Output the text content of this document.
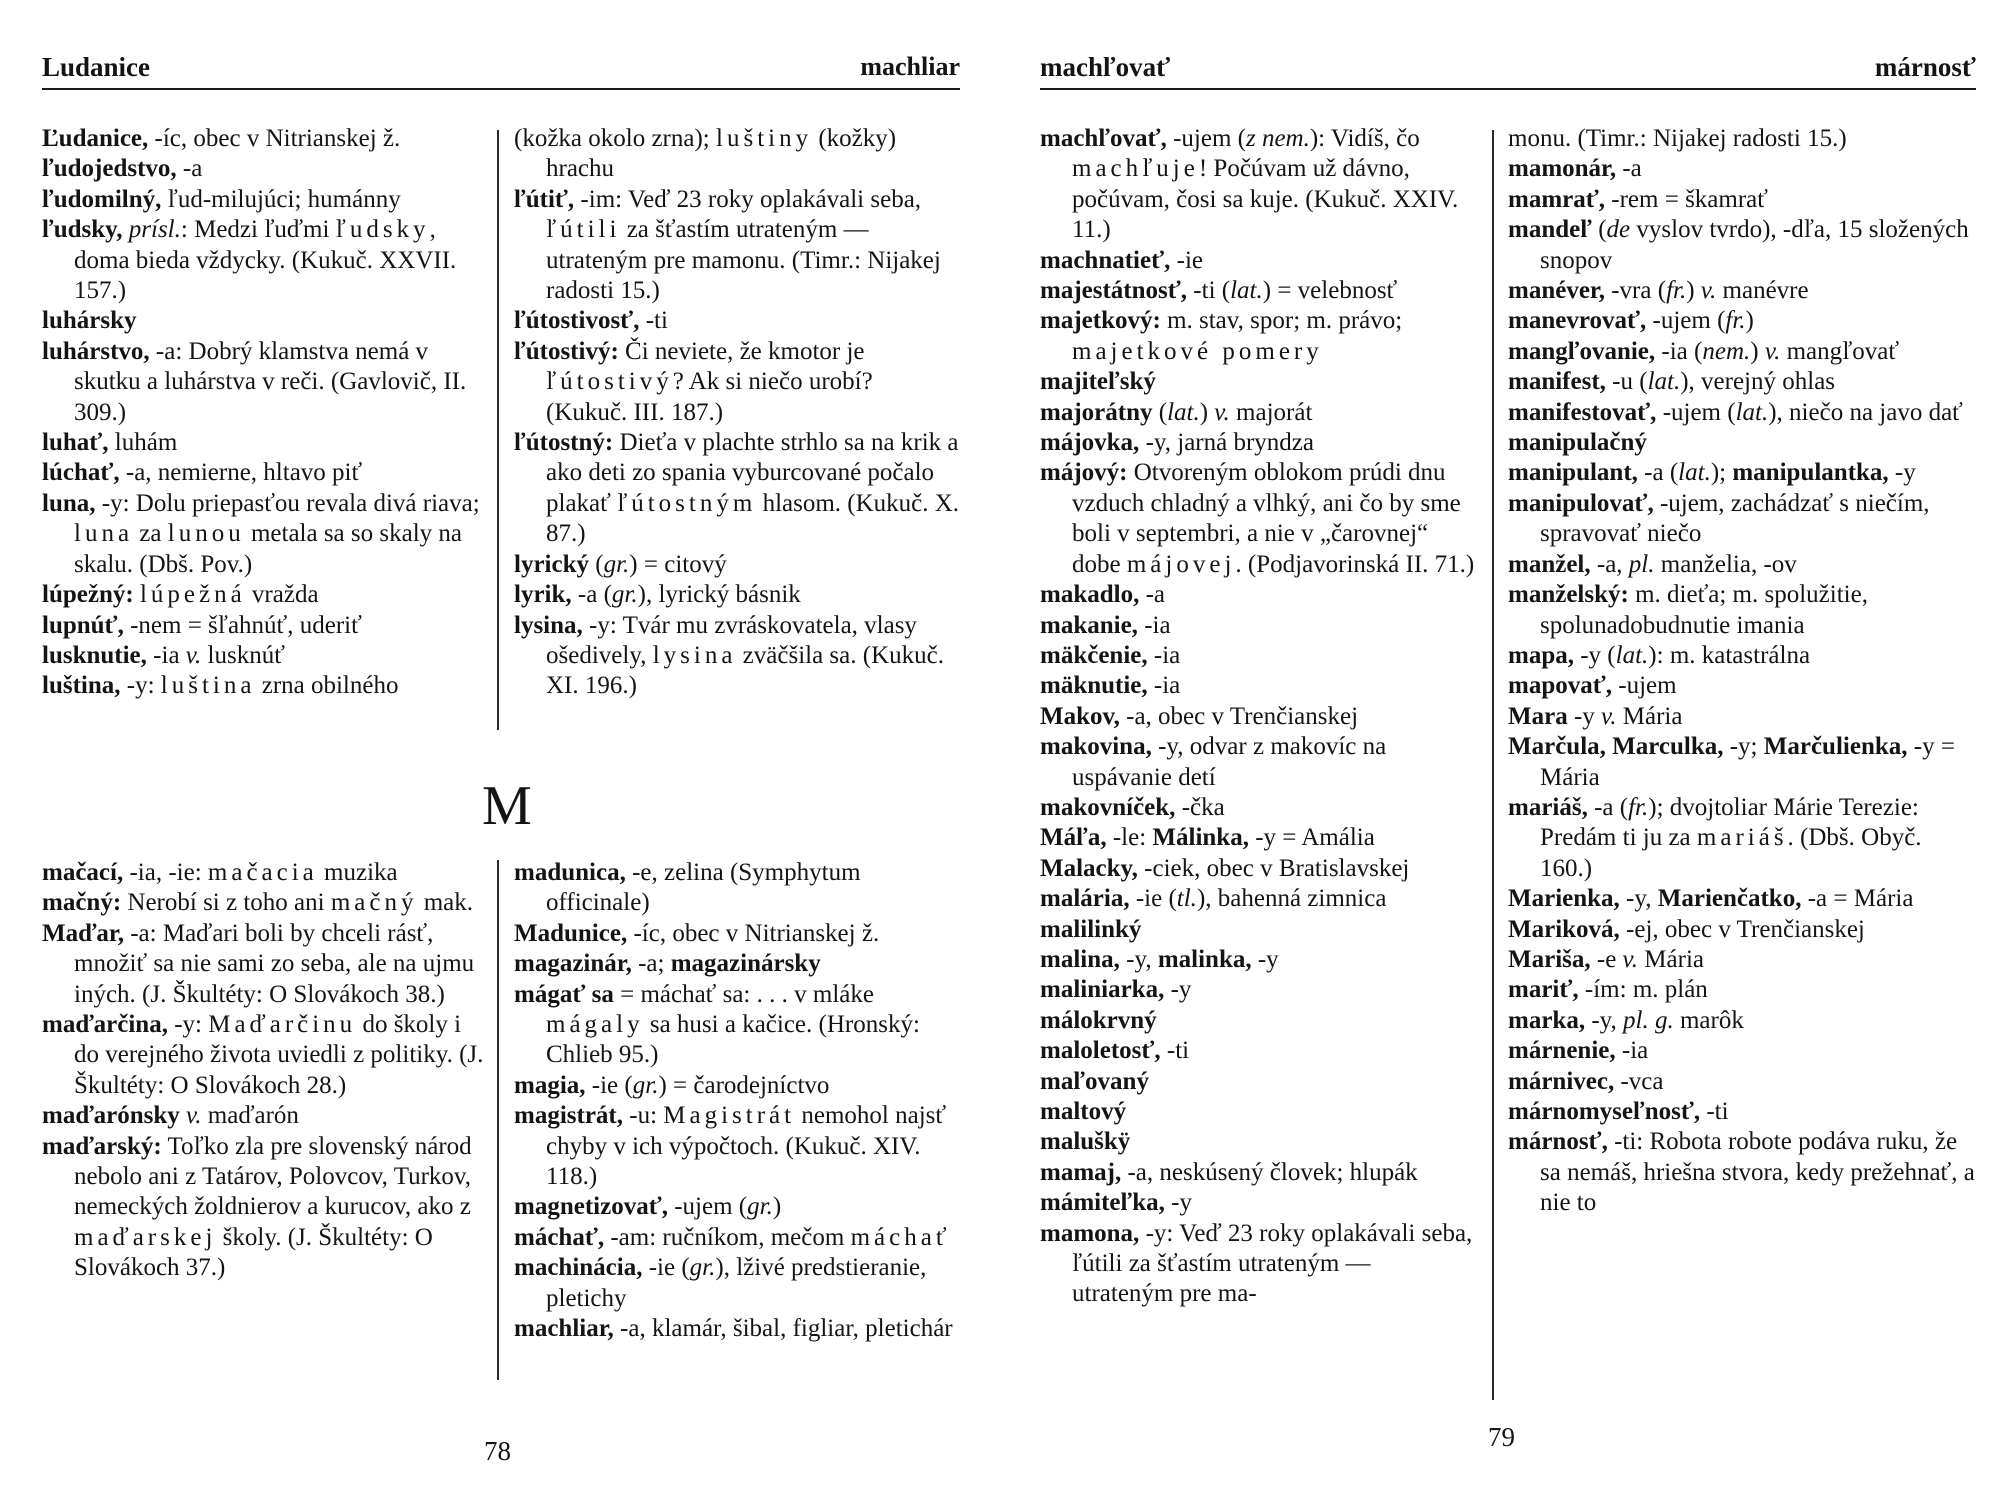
Ludanice	machliar

Ľudanice, -íc, obec v Nitrianskej ž.

ľudojedstvo, -a

ľudomilný, ľud-milujúci; humánny

ľudsky, prísl.: Medzi ľuďmi ľudsky, doma bieda vždycky. (Kukuč. XXVII. 157.)

luhársky

luhárstvo, -a: Dobrý klamstva nemá v skutku a luhárstva v reči. (Gavlovič, II. 309.)

luhať, luhám

lúchať, -a, nemierne, hltavo piť

luna, -y: Dolu priepasťou revala divá riava; luna za lunou metala sa so skaly na skalu. (Dbš. Pov.)

lúpežný: lúpežná vražda

lupnúť, -nem = šľahnúť, uderiť

lusknutie, -ia v. lusknúť

luština, -y: luština zrna obilného

(kožka okolo zrna); luštiny (kožky) hrachu

ľútiť, -im: Veď 23 roky oplakávali seba, ľútili za šťastím utrateným — utrateným pre mamonu. (Timr.: Nijakej radosti 15.)

ľútostivosť, -ti

ľútostivý: Či neviete, že kmotor je ľútostivý? Ak si niečo urobí? (Kukuč. III. 187.)

ľútostný: Dieťa v plachte strhlo sa na krik a ako deti zo spania vyburcované počalo plakať ľútostným hlasom. (Kukuč. X. 87.)

lyrický (gr.) = citový

lyrik, -a (gr.), lyrický básnik

lysina, -y: Tvár mu zvráskovatela, vlasy ošedively, lysina zväčšila sa. (Kukuč. XI. 196.)

M

mačací, -ia, -ie: mačacia muzika

mačný: Nerobí si z toho ani mačný mak.

Maďar, -a: Maďari boli by chceli rásť, množiť sa nie sami zo seba, ale na ujmu iných. (J. Škultéty: O Slovákoch 38.)

maďarčina, -y: Maďarčinu do školy i do verejného života uviedli z politiky. (J. Škultéty: O Slovákoch 28.)

maďarónsky v. maďarón

maďarský: Toľko zla pre slovenský národ nebolo ani z Tatárov, Polovcov, Turkov, nemeckých žoldnierov a kurucov, ako z maďarskej školy. (J. Škultéty: O Slovákoch 37.)

madunica, -e, zelina (Symphytum officinale)

Madunice, -íc, obec v Nitrianskej ž.

magazinár, -a; magazinársky

mágať sa = máchať sa: . . . v mláke mágaly sa husi a kačice. (Hronský: Chlieb 95.)

magia, -ie (gr.) = čarodejníctvo

magistrát, -u: Magistrát nemohol najsť chyby v ich výpočtoch. (Kukuč. XIV. 118.)

magnetizovať, -ujem (gr.)

máchať, -am: ručníkom, mečom máchať

machinácia, -ie (gr.), lživé predstieranie, pletichy

machliar, -a, klamár, šibal, figliar, pletichár

78
machľovať	márnosť

machľovať, -ujem (z nem.): Vidíš, čo machľuje! Počúvam už dávno, počúvam, čosi sa kuje. (Kukuč. XXIV. 11.)

machnatieť, -ie

majestátnosť, -ti (lat.) = velebnosť

majetkový: m. stav, spor; m. právo; majetkové pomery

majiteľský

majorátny (lat.) v. majorát

májovka, -y, jarná bryndza

májový: Otvoreným oblokom prúdi dnu vzduch chladný a vlhký, ani čo by sme boli v septembri, a nie v „čarovnej“ dobe májovej. (Podjavorinská II. 71.)

makadlo, -a

makanie, -ia

mäkčenie, -ia

mäknutie, -ia

Makov, -a, obec v Trenčianskej

makovina, -y, odvar z makovíc na uspávanie detí

makovníček, -čka

Máľa, -le: Málinka, -y = Amália

Malacky, -ciek, obec v Bratislavskej

malária, -ie (tl.), bahenná zimnica

malilinký

malina, -y, malinka, -y

maliniarka, -y

málokrvný

maloletosť, -ti

maľovaný

maltový

maluškÿ

mamaj, -a, neskúsený človek; hlupák

mámiteľka, -y

mamona, -y: Veď 23 roky oplakávali seba, ľútili za šťastím utrateným — utrateným pre ma-

monu. (Timr.: Nijakej radosti 15.)

mamonár, -a

mamrať, -rem = škamrať

mandeľ (de vyslov tvrdo), -dľa, 15 složených snopov

manéver, -vra (fr.) v. manévre

manevrovať, -ujem (fr.)

mangľovanie, -ia (nem.) v. mangľovať

manifest, -u (lat.), verejný ohlas

manifestovať, -ujem (lat.), niečo na javo dať

manipulačný

manipulant, -a (lat.); manipulantka, -y

manipulovať, -ujem, zachádzať s niečím, spravovať niečo

manžel, -a, pl. manželia, -ov

manželský: m. dieťa; m. spolužitie, spolunadobudnutie imania

mapa, -y (lat.): m. katastrálna

mapovať, -ujem

Mara -y v. Mária

Marčula, Marculka, -y; Marčulienka, -y = Mária

mariáš, -a (fr.); dvojtoliar Márie Terezie: Predám ti ju za mariáš. (Dbš. Obyč. 160.)

Marienka, -y, Marienčatko, -a = Mária

Mariková, -ej, obec v Trenčianskej

Mariša, -e v. Mária

mariť, -ím: m. plán

marka, -y, pl. g. marôk

márnenie, -ia

márnivec, -vca

márnomyseľnosť, -ti

márnosť, -ti: Robota robote podáva ruku, že sa nemáš, hriešna stvora, kedy prežehnať, a nie to

79
